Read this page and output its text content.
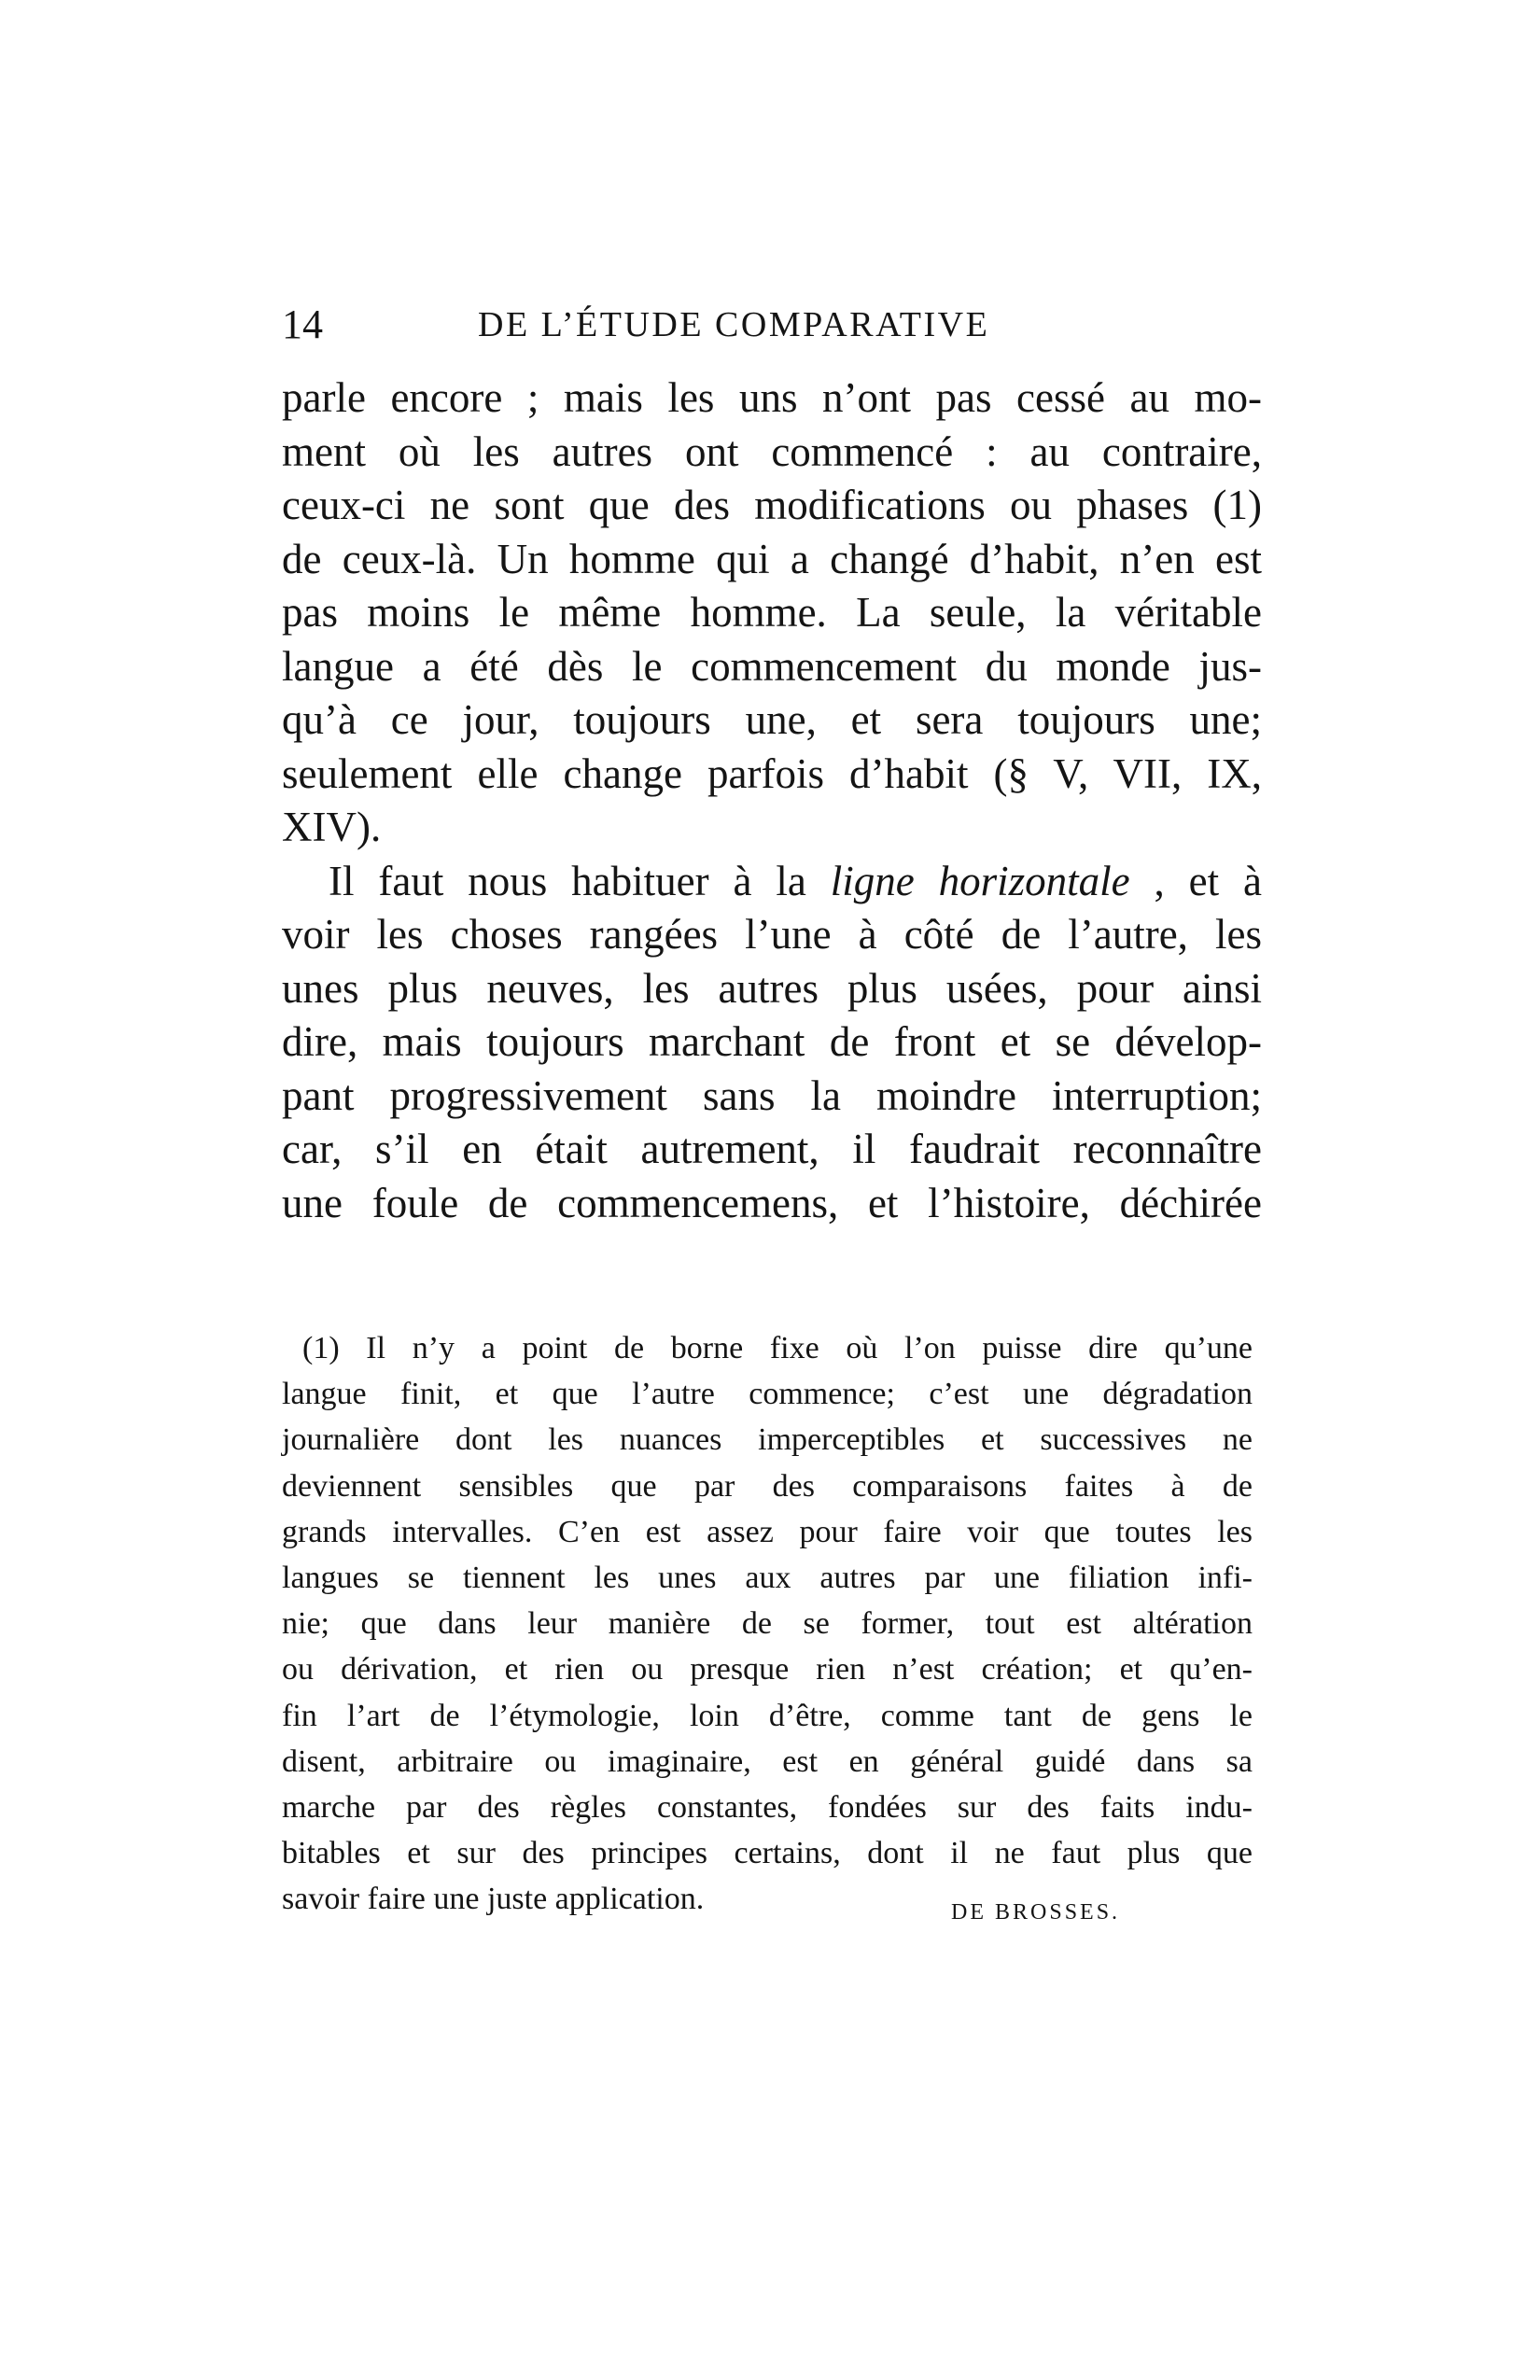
14	DE L’ÉTUDE COMPARATIVE
parle encore ; mais les uns n’ont pas cessé au mo-
ment où les autres ont commencé : au contraire,
ceux-ci ne sont que des modifications ou phases (1)
de ceux-là. Un homme qui a changé d’habit, n’en est
pas moins le même homme. La seule, la véritable
langue a été dès le commencement du monde jus-
qu’à ce jour, toujours une, et sera toujours une;
seulement elle change parfois d’habit (§ V, VII, IX,
XIV).
Il faut nous habituer à la ligne horizontale , et à
voir les choses rangées l’une à côté de l’autre, les
unes plus neuves, les autres plus usées, pour ainsi
dire, mais toujours marchant de front et se dévelop-
pant progressivement sans la moindre interruption;
car, s’il en était autrement, il faudrait reconnaître
une foule de commencemens, et l’histoire, déchirée
(1) Il n’y a point de borne fixe où l’on puisse dire qu’une
langue finit, et que l’autre commence; c’est une dégradation
journalière dont les nuances imperceptibles et successives ne
deviennent sensibles que par des comparaisons faites à de
grands intervalles. C’en est assez pour faire voir que toutes les
langues se tiennent les unes aux autres par une filiation infi-
nie; que dans leur manière de se former, tout est altération
ou dérivation, et rien ou presque rien n’est création; et qu’en-
fin l’art de l’étymologie, loin d’être, comme tant de gens le
disent, arbitraire ou imaginaire, est en général guidé dans sa
marche par des règles constantes, fondées sur des faits indu-
bitables et sur des principes certains, dont il ne faut plus que
savoir faire une juste application.	DE BROSSES.
